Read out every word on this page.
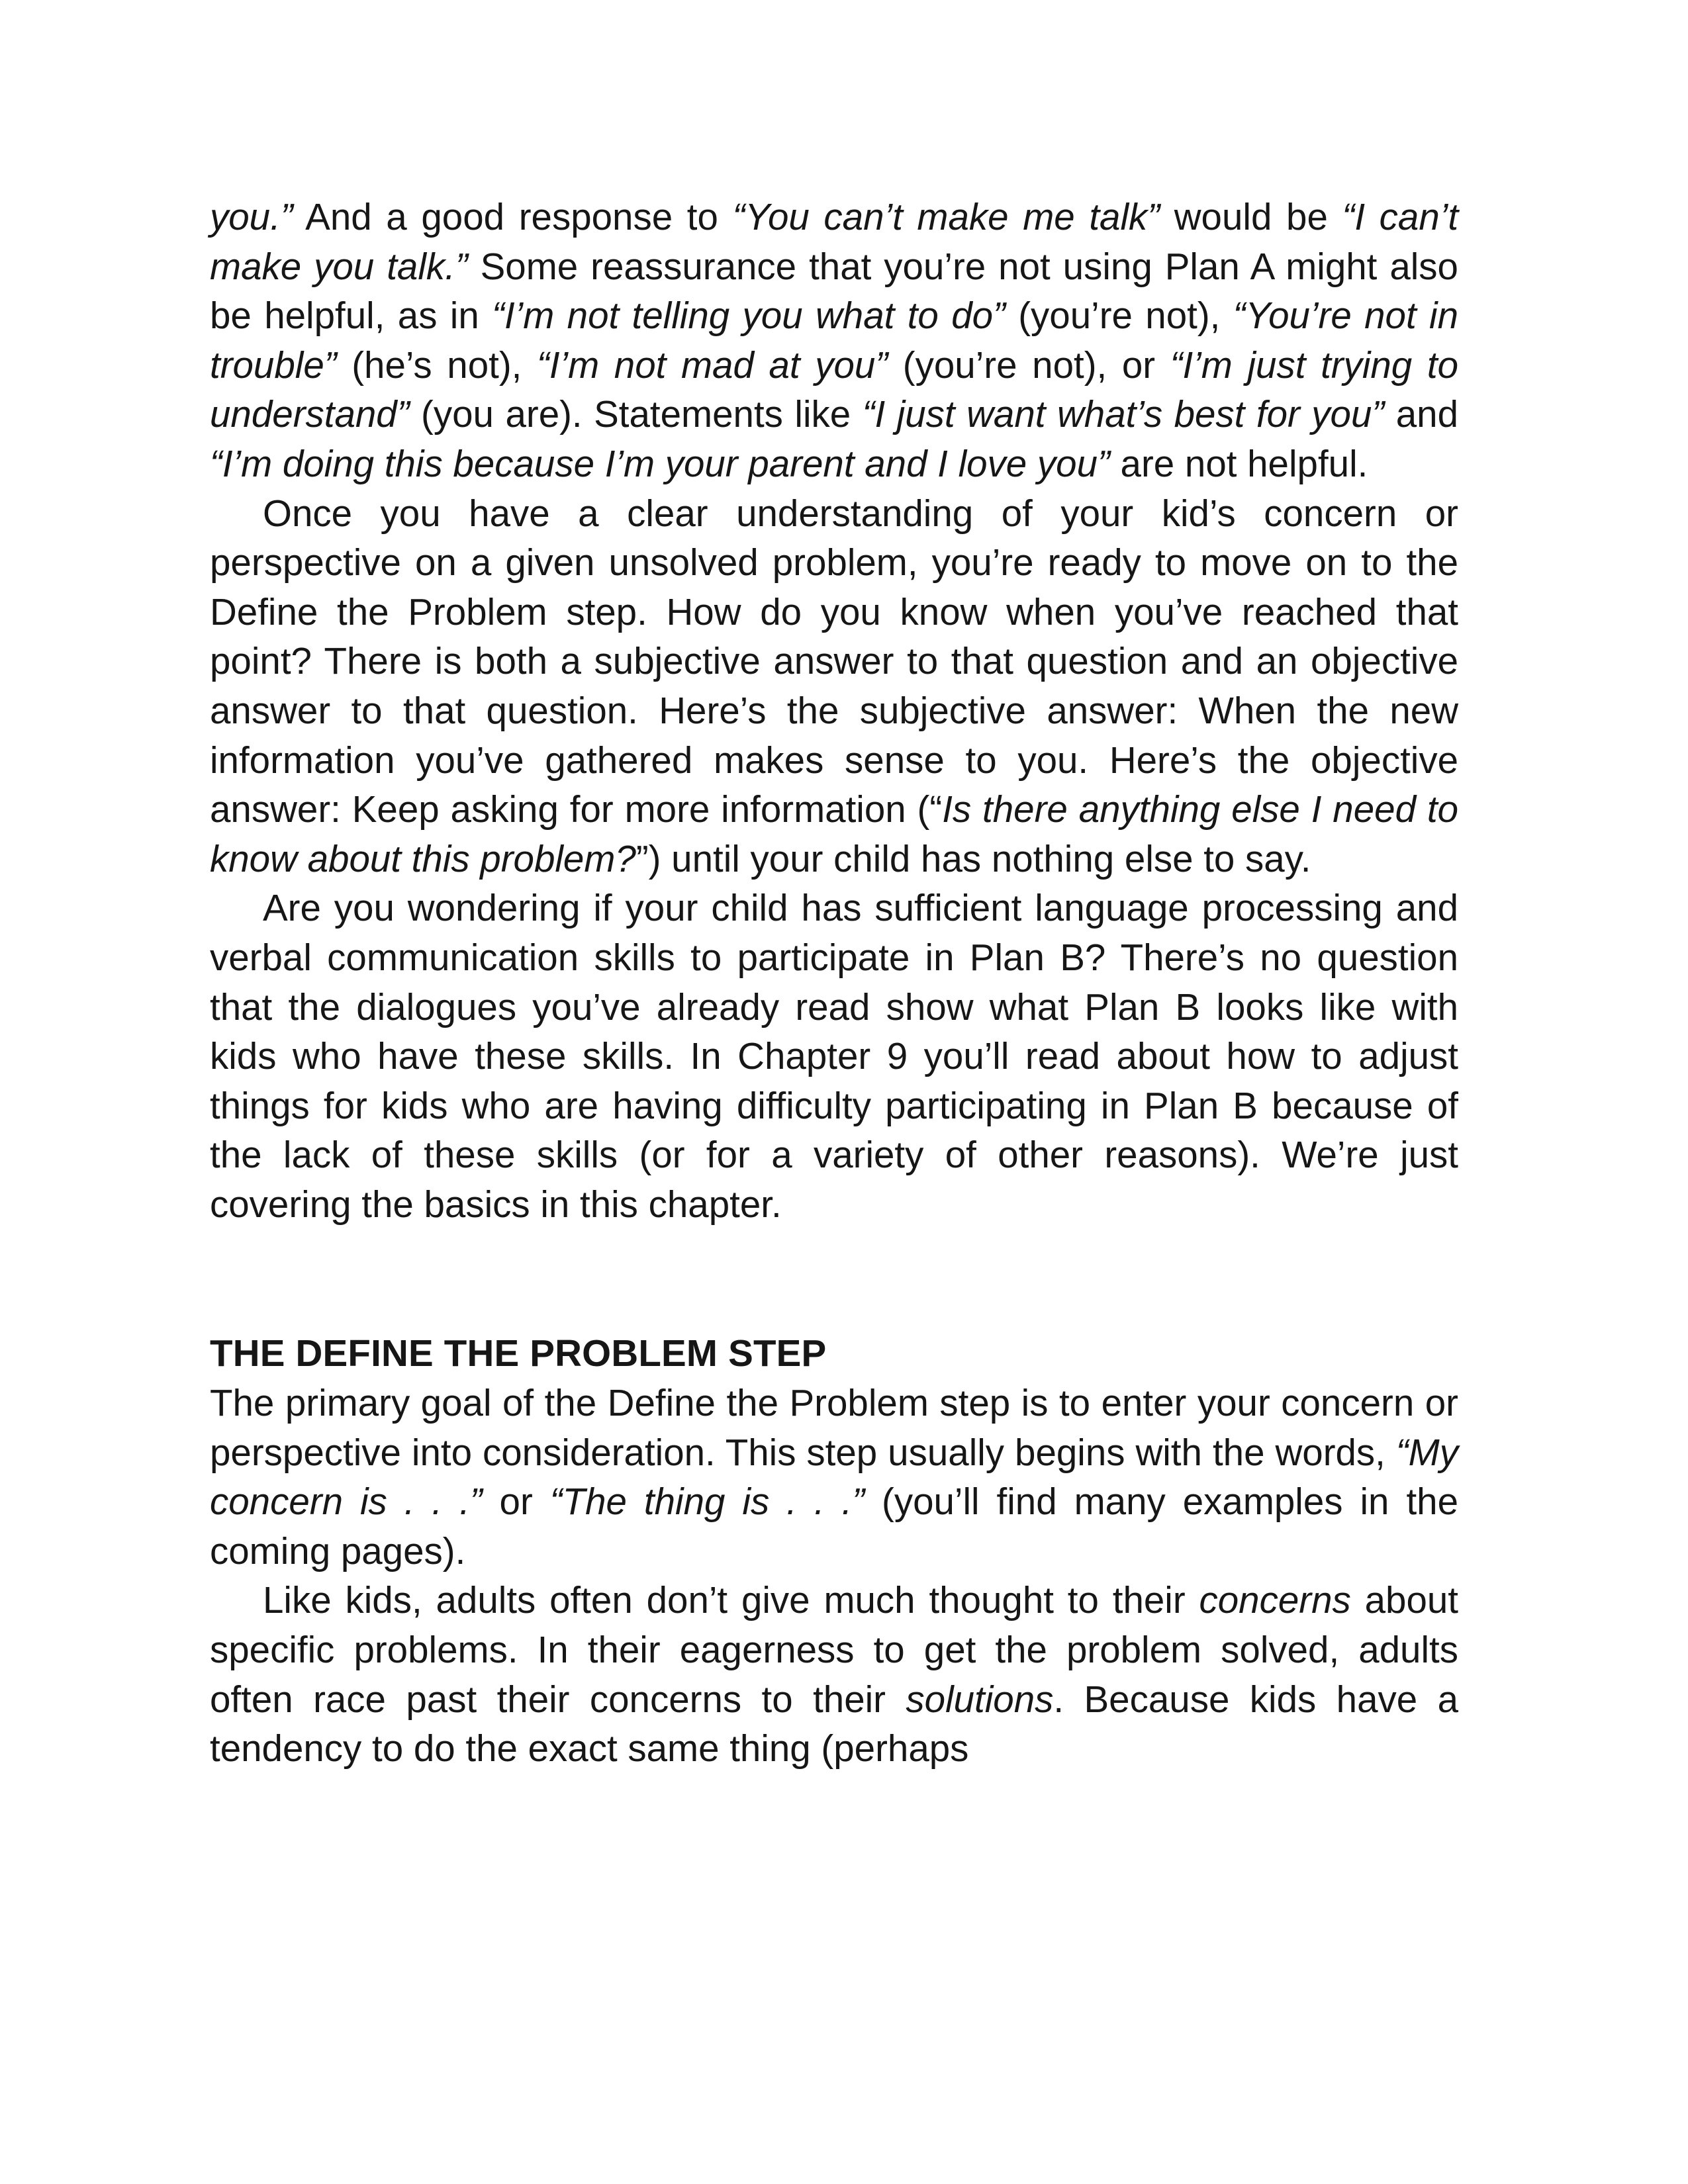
you.” And a good response to “You can’t make me talk” would be “I can’t make you talk.” Some reassurance that you’re not using Plan A might also be helpful, as in “I’m not telling you what to do” (you’re not), “You’re not in trouble” (he’s not), “I’m not mad at you” (you’re not), or “I’m just trying to understand” (you are). Statements like “I just want what’s best for you” and “I’m doing this because I’m your parent and I love you” are not helpful.

Once you have a clear understanding of your kid’s concern or perspective on a given unsolved problem, you’re ready to move on to the Define the Problem step. How do you know when you’ve reached that point? There is both a subjective answer to that question and an objective answer to that question. Here’s the subjective answer: When the new information you’ve gathered makes sense to you. Here’s the objective answer: Keep asking for more information (“Is there anything else I need to know about this problem?”) until your child has nothing else to say.

Are you wondering if your child has sufficient language processing and verbal communication skills to participate in Plan B? There’s no question that the dialogues you’ve already read show what Plan B looks like with kids who have these skills. In Chapter 9 you’ll read about how to adjust things for kids who are having difficulty participating in Plan B because of the lack of these skills (or for a variety of other reasons). We’re just covering the basics in this chapter.

THE DEFINE THE PROBLEM STEP

The primary goal of the Define the Problem step is to enter your concern or perspective into consideration. This step usually begins with the words, “My concern is . . .” or “The thing is . . .” (you’ll find many examples in the coming pages).

Like kids, adults often don’t give much thought to their concerns about specific problems. In their eagerness to get the problem solved, adults often race past their concerns to their solutions. Because kids have a tendency to do the exact same thing (perhaps
